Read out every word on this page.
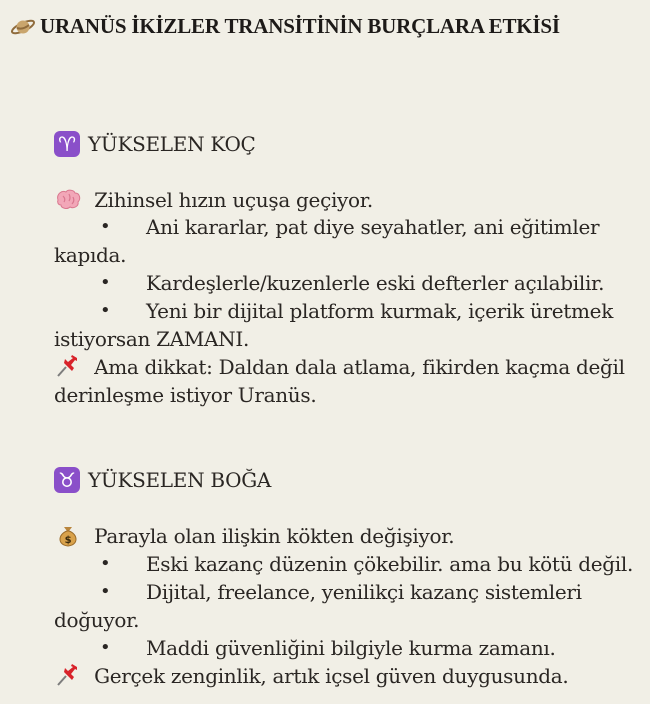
URANÜS İKİZLER TRANSİTİNİN BURÇLARA ETKİSİ
♈ YÜKSELEN KOÇ
Zihinsel hızın uçuşa geçiyor.
• Ani kararlar, pat diye seyahatler, ani eğitimler
kapıda.
• Kardeşlerle/kuzenlerle eski defterler açılabilir.
• Yeni bir dijital platform kurmak, içerik üretmek
istiyorsan ZAMANI.
Ama dikkat: Daldan dala atlama, fikirden kaçma değil
derinleşme istiyor Uranüs.
♉ YÜKSELEN BOĞA
$ Parayla olan ilişkin kökten değişiyor.
• Eski kazanç düzenin çökebilir. ama bu kötü değil.
• Dijital, freelance, yenilikçi kazanç sistemleri
doğuyor.
• Maddi güvenliğini bilgiyle kurma zamanı.
Gerçek zenginlik, artık içsel güven duygusunda.
